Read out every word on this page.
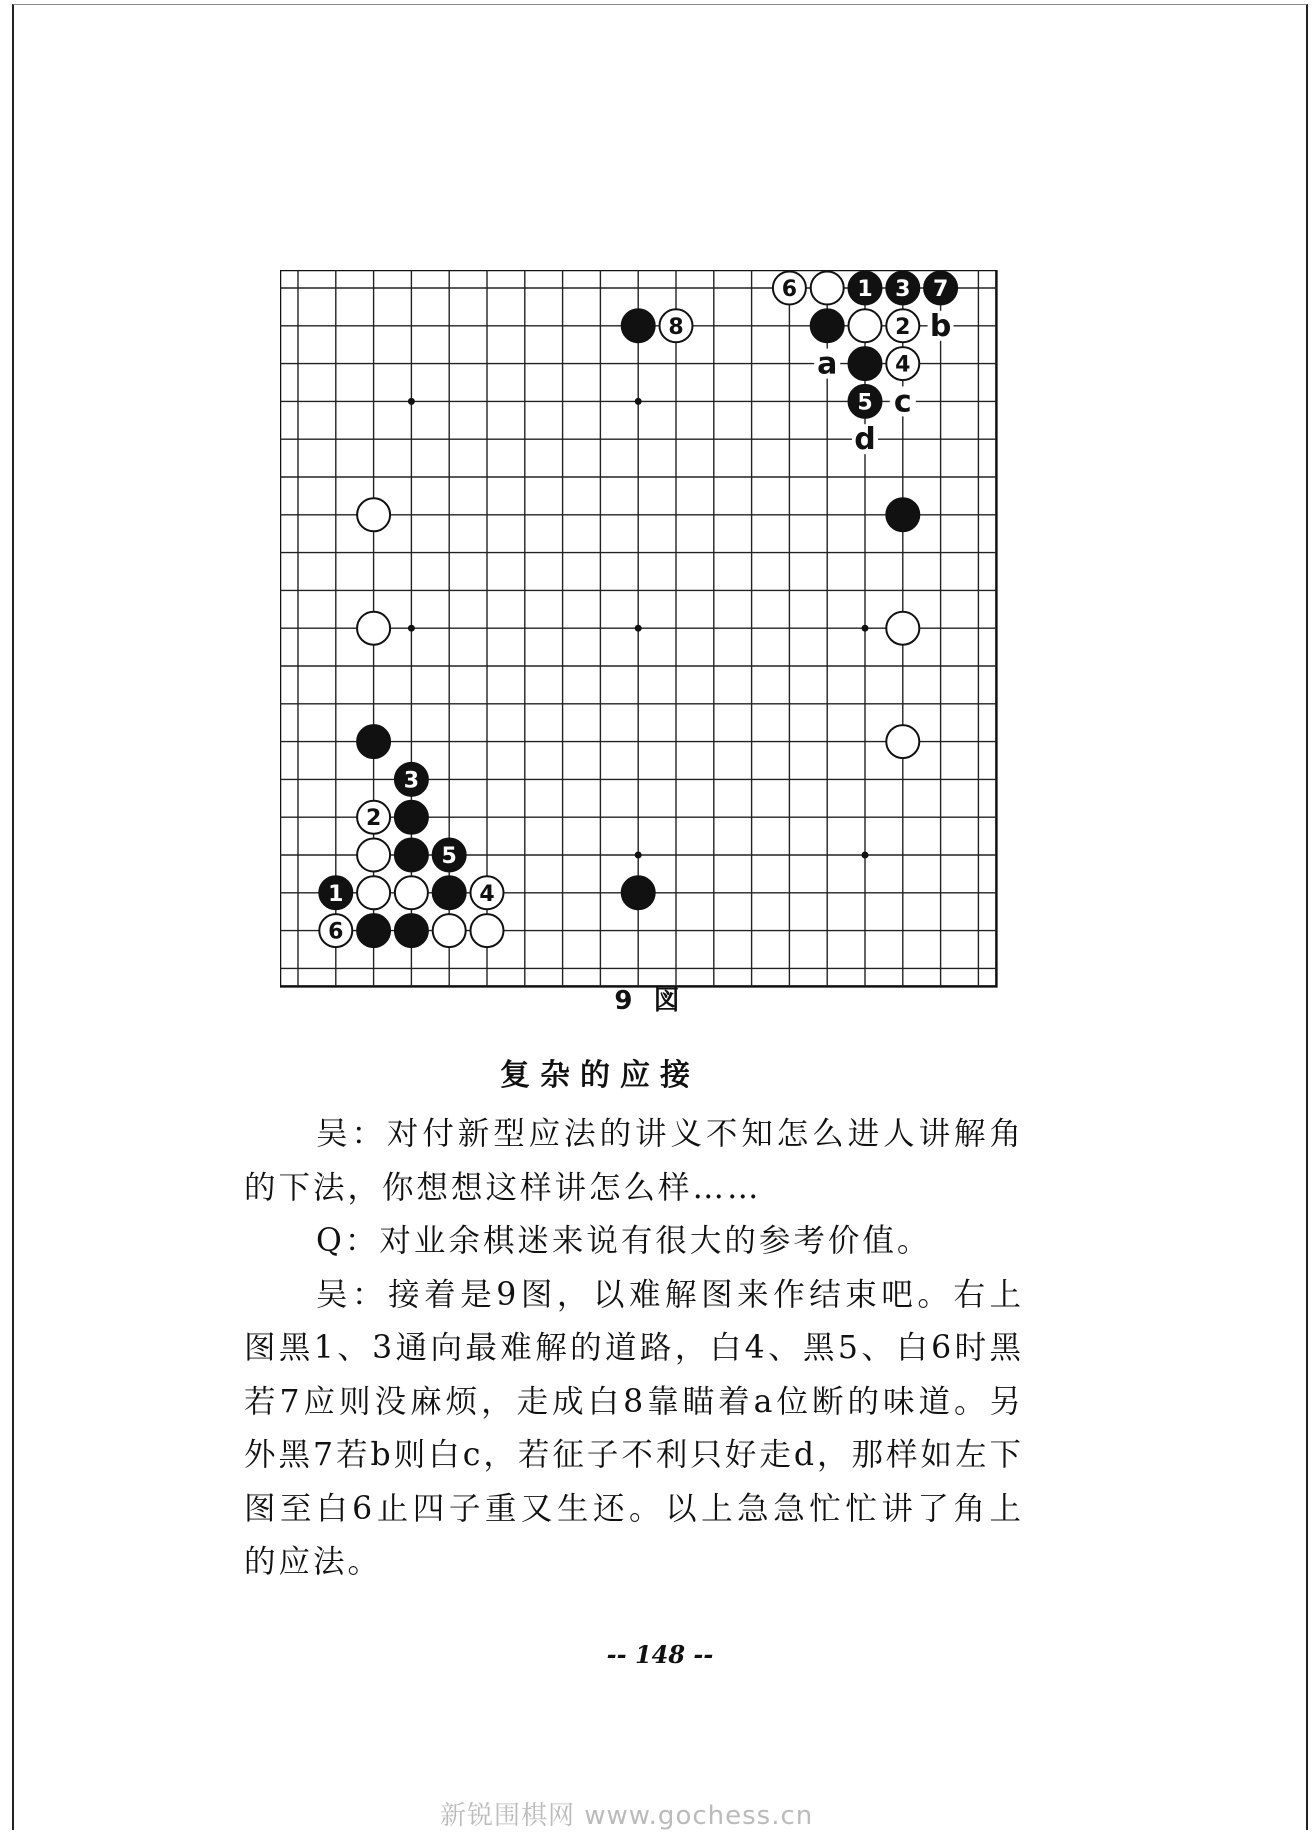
6	1 3 7
8	2
4
5
3
2
5
1	4
6
b
a
c
d
9 図
复杂的应接

吴：对付新型应法的讲义不知怎么进人讲解角的下法，你想想这样讲怎么样……

Q：对业余棋迷来说有很大的参考价值。

吴：接着是9图，以难解图来作结束吧。右上图黑1、3通向最难解的道路，白4、黑5、白6时黑若7应则没麻烦，走成白8靠瞄着a位断的味道。另外黑7若b则白c，若征子不利只好走d，那样如左下图至白6止四子重又生还。以上急急忙忙讲了角上的应法。

-- 148 --
新锐围棋网 www.gochess.cn
